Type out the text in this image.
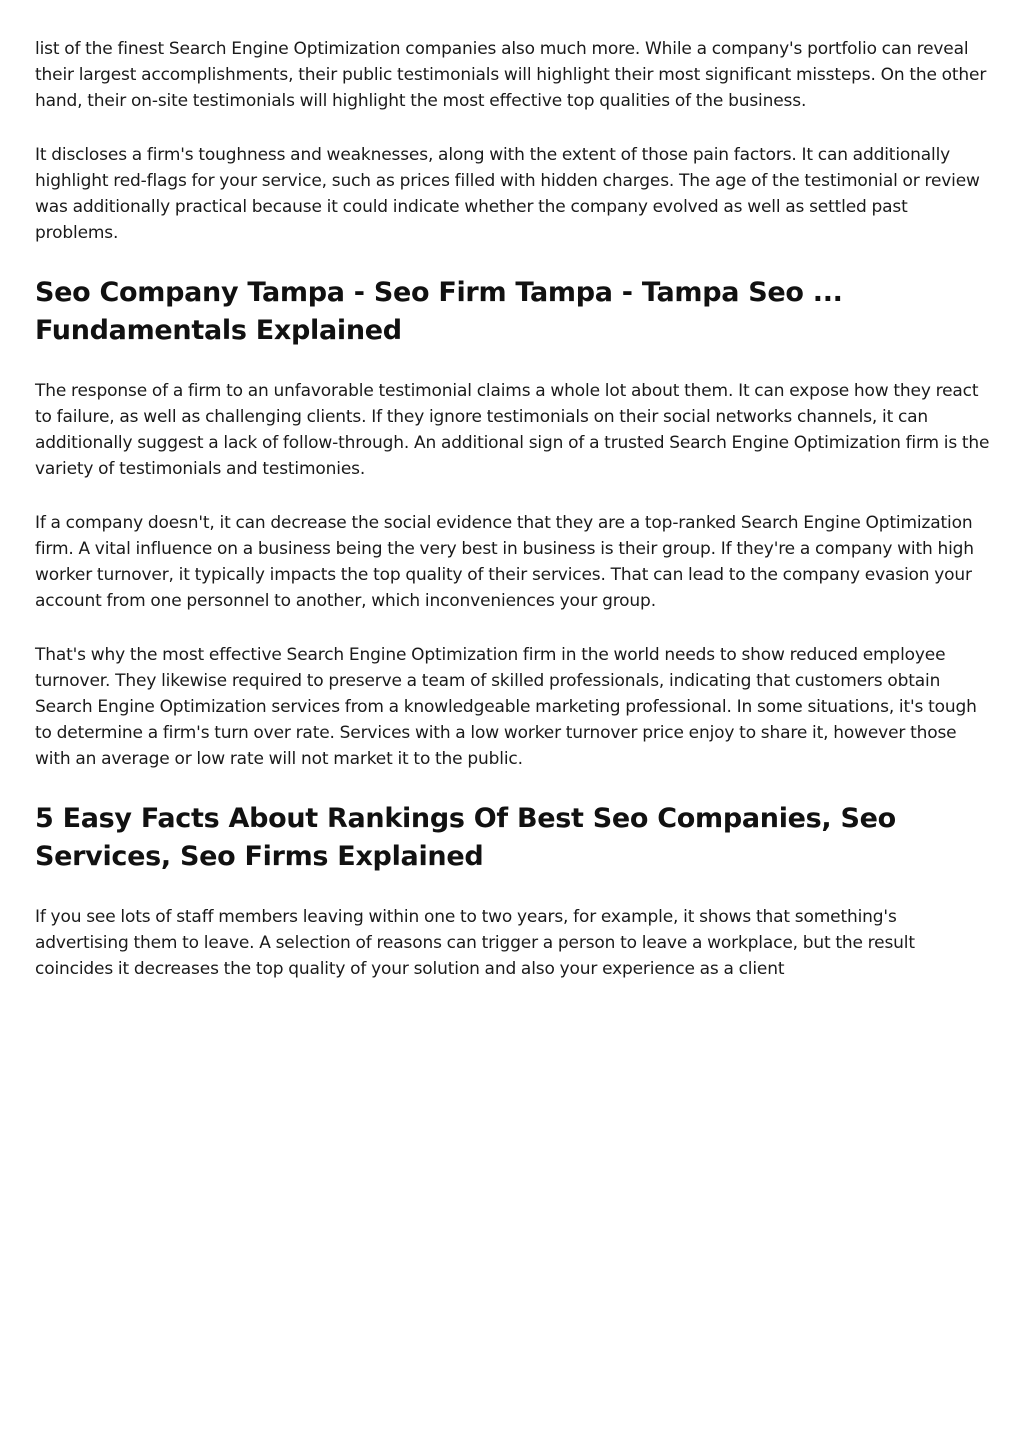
list of the finest Search Engine Optimization companies also much more. While a company's portfolio can reveal their largest accomplishments, their public testimonials will highlight their most significant missteps. On the other hand, their on-site testimonials will highlight the most effective top qualities of the business.

It discloses a firm's toughness and weaknesses, along with the extent of those pain factors. It can additionally highlight red-flags for your service, such as prices filled with hidden charges. The age of the testimonial or review was additionally practical because it could indicate whether the company evolved as well as settled past problems.

Seo Company Tampa - Seo Firm Tampa - Tampa Seo ... Fundamentals Explained

The response of a firm to an unfavorable testimonial claims a whole lot about them. It can expose how they react to failure, as well as challenging clients. If they ignore testimonials on their social networks channels, it can additionally suggest a lack of follow-through. An additional sign of a trusted Search Engine Optimization firm is the variety of testimonials and testimonies.

If a company doesn't, it can decrease the social evidence that they are a top-ranked Search Engine Optimization firm. A vital influence on a business being the very best in business is their group. If they're a company with high worker turnover, it typically impacts the top quality of their services. That can lead to the company evasion your account from one personnel to another, which inconveniences your group.

That's why the most effective Search Engine Optimization firm in the world needs to show reduced employee turnover. They likewise required to preserve a team of skilled professionals, indicating that customers obtain Search Engine Optimization services from a knowledgeable marketing professional. In some situations, it's tough to determine a firm's turn over rate. Services with a low worker turnover price enjoy to share it, however those with an average or low rate will not market it to the public.

5 Easy Facts About Rankings Of Best Seo Companies, Seo Services, Seo Firms Explained

If you see lots of staff members leaving within one to two years, for example, it shows that something's advertising them to leave. A selection of reasons can trigger a person to leave a workplace, but the result coincides it decreases the top quality of your solution and also your experience as a client
